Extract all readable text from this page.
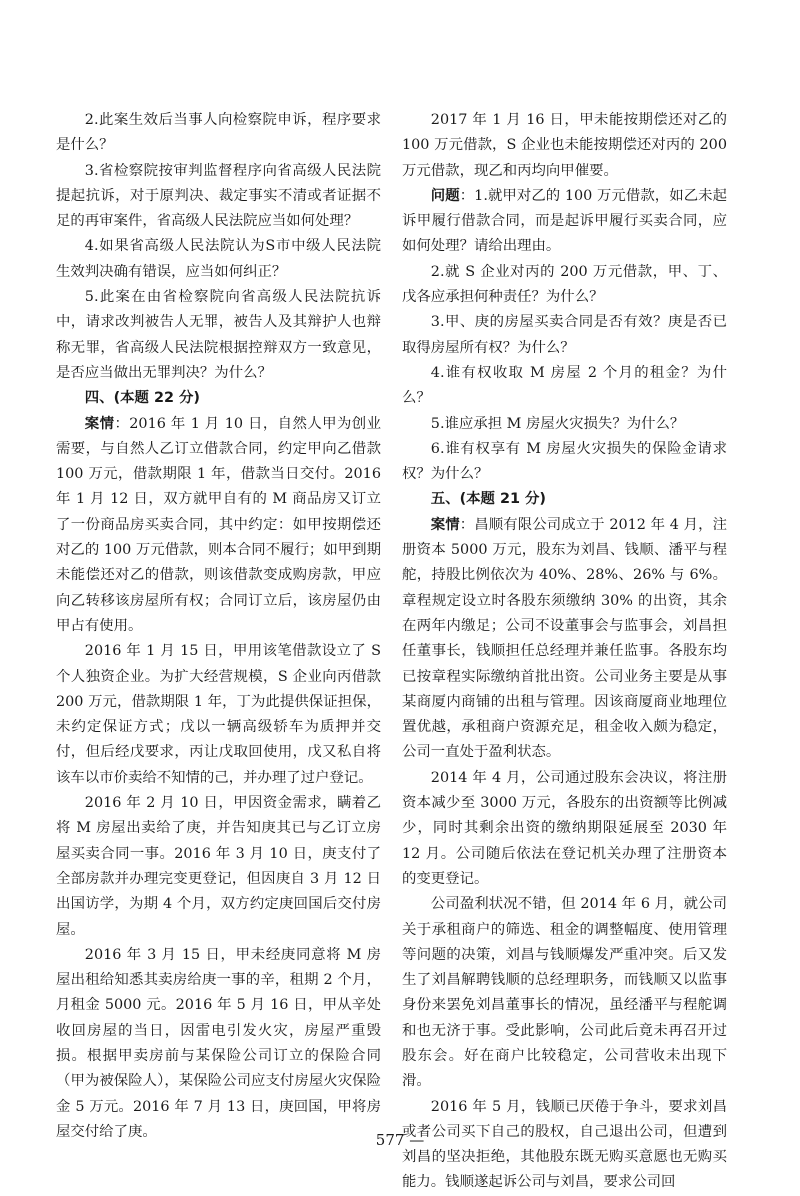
2.此案生效后当事人向检察院申诉，程序要求是什么？

3.省检察院按审判监督程序向省高级人民法院提起抗诉，对于原判决、裁定事实不清或者证据不足的再审案件，省高级人民法院应当如何处理？

4.如果省高级人民法院认为S市中级人民法院生效判决确有错误，应当如何纠正？

5.此案在由省检察院向省高级人民法院抗诉中，请求改判被告人无罪，被告人及其辩护人也辩称无罪，省高级人民法院根据控辩双方一致意见，是否应当做出无罪判决？为什么？

四、(本题 22 分)

案情：2016 年 1 月 10 日，自然人甲为创业需要，与自然人乙订立借款合同，约定甲向乙借款 100 万元，借款期限 1 年，借款当日交付。2016 年 1 月 12 日，双方就甲自有的 M 商品房又订立了一份商品房买卖合同，其中约定：如甲按期偿还对乙的 100 万元借款，则本合同不履行；如甲到期未能偿还对乙的借款，则该借款变成购房款，甲应向乙转移该房屋所有权；合同订立后，该房屋仍由甲占有使用。

2016 年 1 月 15 日，甲用该笔借款设立了 S 个人独资企业。为扩大经营规模，S 企业向丙借款 200 万元，借款期限 1 年，丁为此提供保证担保，未约定保证方式；戊以一辆高级轿车为质押并交付，但后经戊要求，丙让戊取回使用，戊又私自将该车以市价卖给不知情的己，并办理了过户登记。

2016 年 2 月 10 日，甲因资金需求，瞒着乙将 M 房屋出卖给了庚，并告知庚其已与乙订立房屋买卖合同一事。2016 年 3 月 10 日，庚支付了全部房款并办理完变更登记，但因庚自 3 月 12 日出国访学，为期 4 个月，双方约定庚回国后交付房屋。

2016 年 3 月 15 日，甲未经庚同意将 M 房屋出租给知悉其卖房给庚一事的辛，租期 2 个月，月租金 5000 元。2016 年 5 月 16 日，甲从辛处收回房屋的当日，因雷电引发火灾，房屋严重毁损。根据甲卖房前与某保险公司订立的保险合同（甲为被保险人），某保险公司应支付房屋火灾保险金 5 万元。2016 年 7 月 13 日，庚回国，甲将房屋交付给了庚。

2017 年 1 月 16 日，甲未能按期偿还对乙的 100 万元借款，S 企业也未能按期偿还对丙的 200 万元借款，现乙和丙均向甲催要。

问题：1.就甲对乙的 100 万元借款，如乙未起诉甲履行借款合同，而是起诉甲履行买卖合同，应如何处理？请给出理由。

2.就 S 企业对丙的 200 万元借款，甲、丁、戊各应承担何种责任？为什么？

3.甲、庚的房屋买卖合同是否有效？庚是否已取得房屋所有权？为什么？

4.谁有权收取 M 房屋 2 个月的租金？为什么？

5.谁应承担 M 房屋火灾损失？为什么？

6.谁有权享有 M 房屋火灾损失的保险金请求权？为什么？

五、(本题 21 分)

案情：昌顺有限公司成立于 2012 年 4 月，注册资本 5000 万元，股东为刘昌、钱顺、潘平与程舵，持股比例依次为 40%、28%、26% 与 6%。章程规定设立时各股东须缴纳 30% 的出资，其余在两年内缴足；公司不设董事会与监事会，刘昌担任董事长，钱顺担任总经理并兼任监事。各股东均已按章程实际缴纳首批出资。公司业务主要是从事某商厦内商铺的出租与管理。因该商厦商业地理位置优越，承租商户资源充足，租金收入颇为稳定，公司一直处于盈利状态。

2014 年 4 月，公司通过股东会决议，将注册资本减少至 3000 万元，各股东的出资额等比例减少，同时其剩余出资的缴纳期限延展至 2030 年 12 月。公司随后依法在登记机关办理了注册资本的变更登记。

公司盈利状况不错，但 2014 年 6 月，就公司关于承租商户的筛选、租金的调整幅度、使用管理等问题的决策，刘昌与钱顺爆发严重冲突。后又发生了刘昌解聘钱顺的总经理职务，而钱顺又以监事身份来罢免刘昌董事长的情况，虽经潘平与程舵调和也无济于事。受此影响，公司此后竟未再召开过股东会。好在商户比较稳定，公司营收未出现下滑。

2016 年 5 月，钱顺已厌倦于争斗，要求刘昌或者公司买下自己的股权，自己退出公司，但遭到刘昌的坚决拒绝，其他股东既无购买意愿也无购买能力。钱顺遂起诉公司与刘昌，要求公司回

577 —
